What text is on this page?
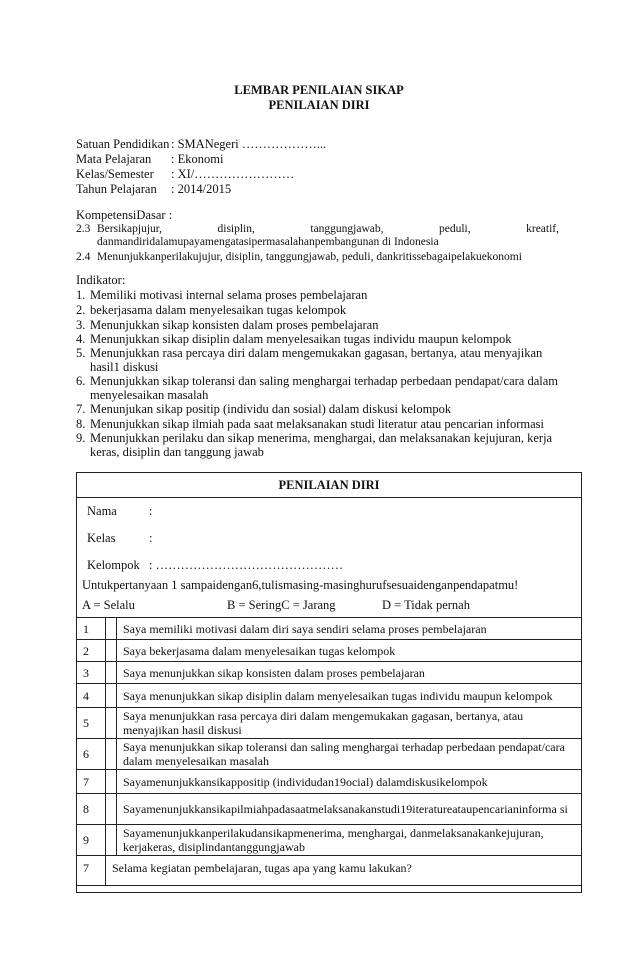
LEMBAR PENILAIAN SIKAP
PENILAIAN DIRI
Satuan Pendidikan : SMANegeri ………………...
Mata Pelajaran : Ekonomi
Kelas/Semester : XI/……………………
Tahun Pelajaran : 2014/2015
KompetensiDasar :
2.3 Bersikapjujur,	disiplin,	tanggungjawab,	peduli,	kreatif,
danmandiridalamupayamengatasipermasalahanpembangunan di Indonesia
2.4 Menunjukkanperilakujujur, disiplin, tanggungjawab, peduli, dankritissebagaipelakuekonomi
Indikator:
1. Memiliki motivasi internal selama proses pembelajaran
2. bekerjasama dalam menyelesaikan tugas kelompok
3. Menunjukkan sikap konsisten dalam proses pembelajaran
4. Menunjukkan sikap disiplin dalam menyelesaikan tugas individu maupun kelompok
5. Menunjukkan rasa percaya diri dalam mengemukakan gagasan, bertanya, atau menyajikan
hasil1 diskusi
6. Menunjukkan sikap toleransi dan saling menghargai terhadap perbedaan pendapat/cara dalam
menyelesaikan masalah
7. Menunjukan sikap positip (individu dan sosial) dalam diskusi kelompok
8. Menunjukkan sikap ilmiah pada saat melaksanakan studi literatur atau pencarian informasi
9. Menunjukkan perilaku dan sikap menerima, menghargai, dan melaksanakan kejujuran, kerja
keras, disiplin dan tanggung jawab
PENILAIAN DIRI
Nama	:
Kelas	:
Kelompok : ………………………………………
Untukpertanyaan 1 sampaidengan6,tulismasing-masinghurufsesuaidenganpendapatmu!
A = Selalu	B = SeringC = Jarang	D = Tidak pernah
1		Saya memiliki motivasi dalam diri saya sendiri selama proses pembelajaran
2		Saya bekerjasama dalam menyelesaikan tugas kelompok
3		Saya menunjukkan sikap konsisten dalam proses pembelajaran
4		Saya menunjukkan sikap disiplin dalam menyelesaikan tugas individu maupun kelompok
5		Saya menunjukkan rasa percaya diri dalam mengemukakan gagasan, bertanya, atau menyajikan hasil diskusi
6		Saya menunjukkan sikap toleransi dan saling menghargai terhadap perbedaan pendapat/cara dalam menyelesaikan masalah
7		Sayamenunjukkansikappositip (individudan19ocial) dalamdiskusikelompok
8		Sayamenunjukkansikapilmiahpadasaatmelaksanakanstudi19iteratureataupencarianinforma si
9		Sayamenunjukkanperilakudansikapmenerima, menghargai, danmelaksanakankejujuran, kerjakeras, disiplindantanggungjawab
7	Selama kegiatan pembelajaran, tugas apa yang kamu lakukan?	
